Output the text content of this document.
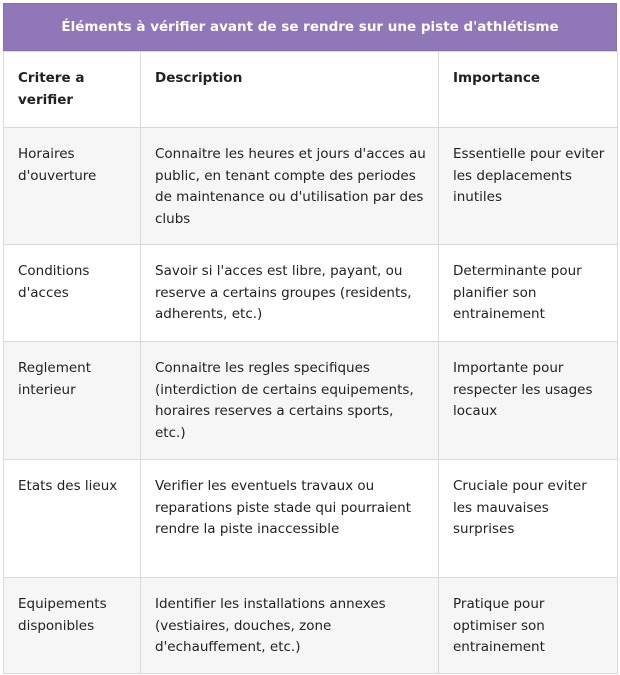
Éléments à vérifier avant de se rendre sur une piste d'athlétisme
Critere a verifier	Description	Importance
Horaires d'ouverture	Connaitre les heures et jours d'acces au public, en tenant compte des periodes de maintenance ou d'utilisation par des clubs	Essentielle pour eviter les deplacements inutiles
Conditions d'acces	Savoir si l'acces est libre, payant, ou reserve a certains groupes (residents, adherents, etc.)	Determinante pour planifier son entrainement
Reglement interieur	Connaitre les regles specifiques (interdiction de certains equipements, horaires reserves a certains sports, etc.)	Importante pour respecter les usages locaux
Etats des lieux	Verifier les eventuels travaux ou reparations piste stade qui pourraient rendre la piste inaccessible	Cruciale pour eviter les mauvaises surprises
Equipements disponibles	Identifier les installations annexes (vestiaires, douches, zone d'echauffement, etc.)	Pratique pour optimiser son entrainement
